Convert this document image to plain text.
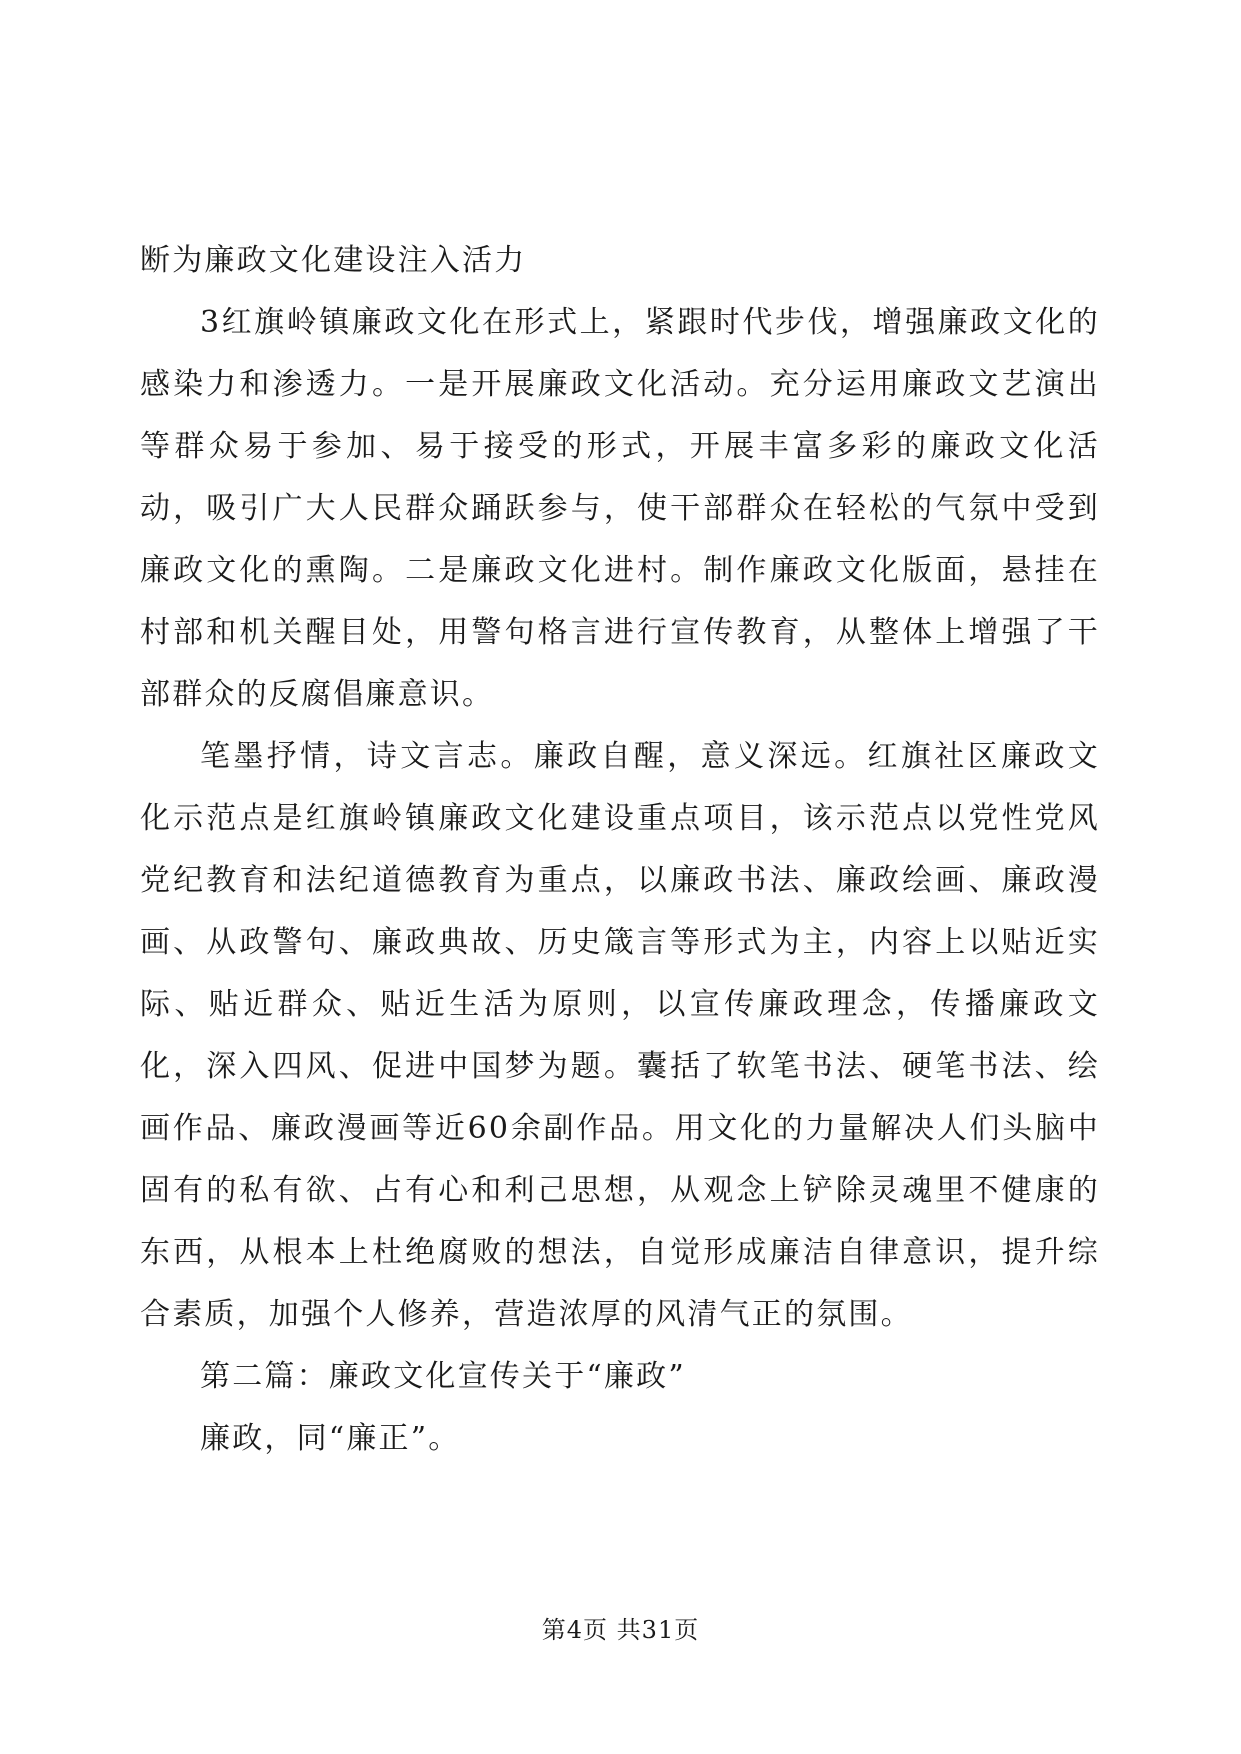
断为廉政文化建设注入活力

3红旗岭镇廉政文化在形式上，紧跟时代步伐，增强廉政文化的感染力和渗透力。一是开展廉政文化活动。充分运用廉政文艺演出等群众易于参加、易于接受的形式，开展丰富多彩的廉政文化活动，吸引广大人民群众踊跃参与，使干部群众在轻松的气氛中受到廉政文化的熏陶。二是廉政文化进村。制作廉政文化版面，悬挂在村部和机关醒目处，用警句格言进行宣传教育，从整体上增强了干部群众的反腐倡廉意识。

笔墨抒情，诗文言志。廉政自醒，意义深远。红旗社区廉政文化示范点是红旗岭镇廉政文化建设重点项目，该示范点以党性党风党纪教育和法纪道德教育为重点，以廉政书法、廉政绘画、廉政漫画、从政警句、廉政典故、历史箴言等形式为主，内容上以贴近实际、贴近群众、贴近生活为原则，以宣传廉政理念，传播廉政文化，深入四风、促进中国梦为题。囊括了软笔书法、硬笔书法、绘画作品、廉政漫画等近60余副作品。用文化的力量解决人们头脑中固有的私有欲、占有心和利己思想，从观念上铲除灵魂里不健康的东西，从根本上杜绝腐败的想法，自觉形成廉洁自律意识，提升综合素质，加强个人修养，营造浓厚的风清气正的氛围。

第二篇：廉政文化宣传关于“廉政”

廉政，同“廉正”。

第4页 共31页
